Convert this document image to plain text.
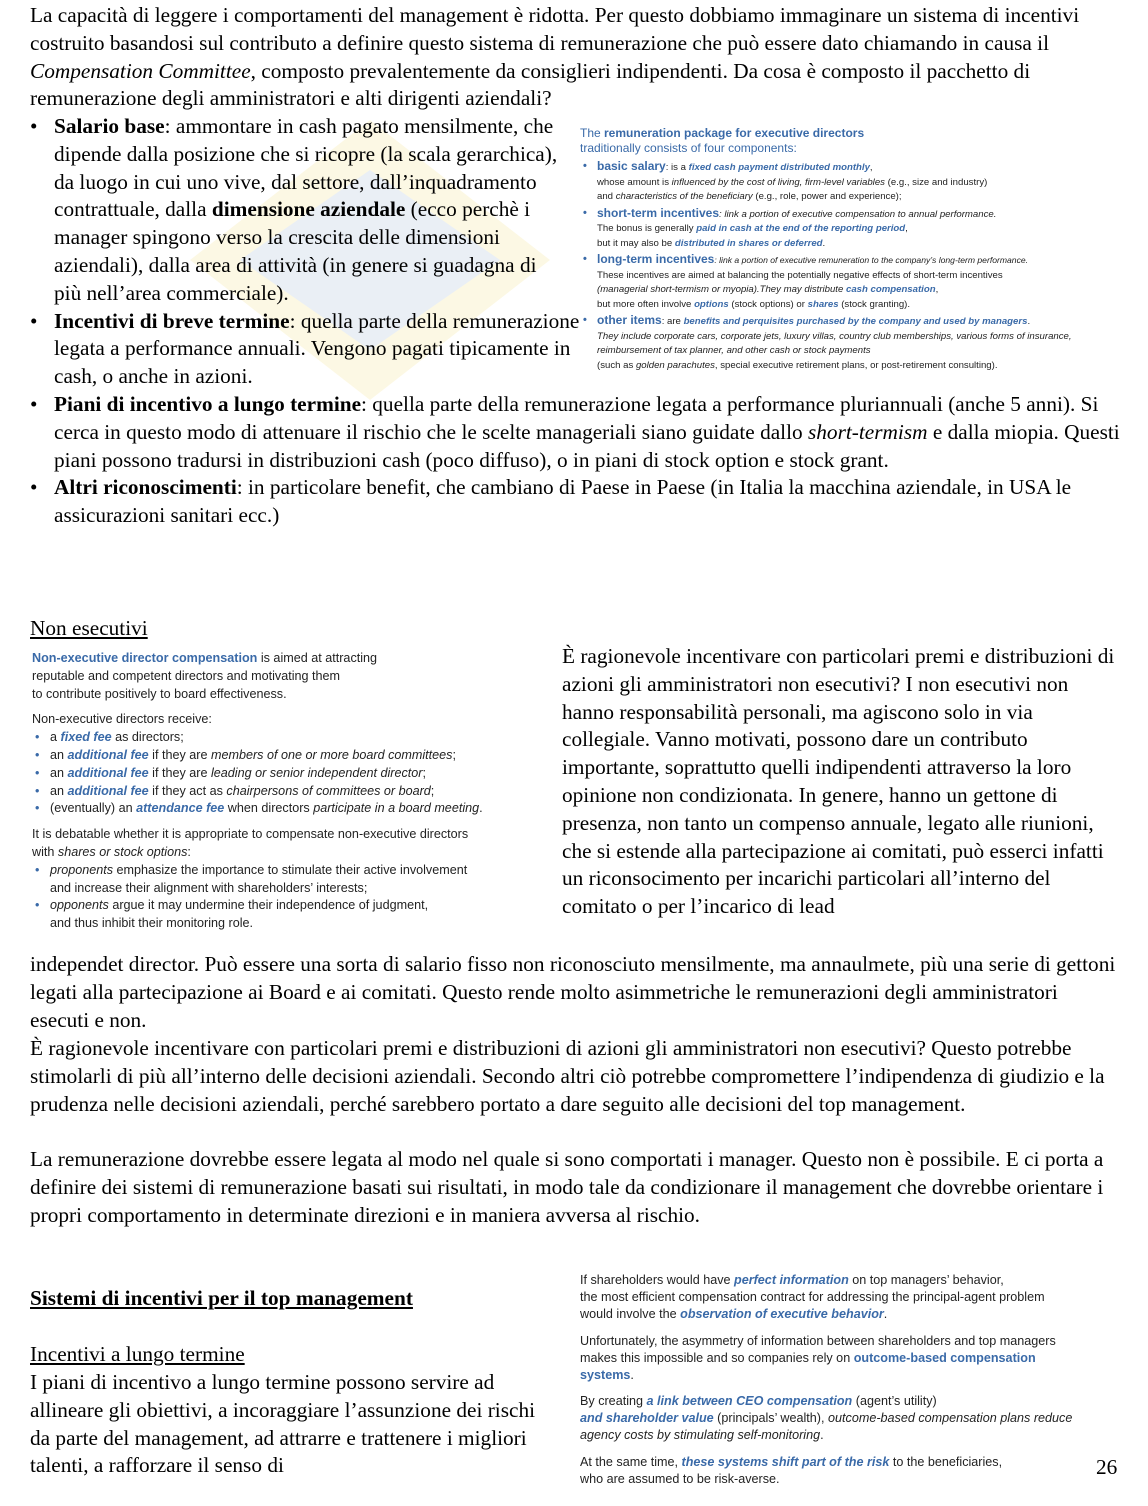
La capacità di leggere i comportamenti del management è ridotta. Per questo dobbiamo immaginare un sistema di incentivi costruito basandosi sul contributo a definire questo sistema di remunerazione che può essere dato chiamando in causa il Compensation Committee, composto prevalentemente da consiglieri indipendenti. Da cosa è composto il pacchetto di remunerazione degli amministratori e alti dirigenti aziendali?

• Salario base: ammontare in cash pagato mensilmente, che dipende dalla posizione che si ricopre (la scala gerarchica), da luogo in cui uno vive, dal settore, dall’inquadramento contrattuale, dalla dimensione aziendale (ecco perchè i manager spingono verso la crescita delle dimensioni aziendali), dalla area di attività (in genere si guadagna di più nell’area commerciale).
• Incentivi di breve termine: quella parte della remunerazione legata a performance annuali. Vengono pagati tipicamente in cash, o anche in azioni.
• Piani di incentivo a lungo termine: quella parte della remunerazione legata a performance pluriannuali (anche 5 anni). Si cerca in questo modo di attenuare il rischio che le scelte manageriali siano guidate dallo short-termism e dalla miopia. Questi piani possono tradursi in distribuzioni cash (poco diffuso), o in piani di stock option e stock grant.
• Altri riconoscimenti: in particolare benefit, che cambiano di Paese in Paese (in Italia la macchina aziendale, in USA le assicurazioni sanitari ecc.)
The remuneration package for executive directors
traditionally consists of four components:
• basic salary: is a fixed cash payment distributed monthly,
whose amount is influenced by the cost of living, firm-level variables (e.g., size and industry)
and characteristics of the beneficiary (e.g., role, power and experience);
• short-term incentives: link a portion of executive compensation to annual performance.
The bonus is generally paid in cash at the end of the reporting period,
but it may also be distributed in shares or deferred.
• long-term incentives: link a portion of executive remuneration to the company’s long-term performance.
These incentives are aimed at balancing the potentially negative effects of short-term incentives
(managerial short-termism or myopia).They may distribute cash compensation,
but more often involve options (stock options) or shares (stock granting).
• other items: are benefits and perquisites purchased by the company and used by managers.
They include corporate cars, corporate jets, luxury villas, country club memberships, various forms of insurance,
reimbursement of tax planner, and other cash or stock payments
(such as golden parachutes, special executive retirement plans, or post-retirement consulting).
Non esecutivi
Non-executive director compensation is aimed at attracting
reputable and competent directors and motivating them
to contribute positively to board effectiveness.
Non-executive directors receive:
• a fixed fee as directors;
• an additional fee if they are members of one or more board committees;
• an additional fee if they are leading or senior independent director;
• an additional fee if they act as chairpersons of committees or board;
• (eventually) an attendance fee when directors participate in a board meeting.
It is debatable whether it is appropriate to compensate non-executive directors
with shares or stock options:
• proponents emphasize the importance to stimulate their active involvement
and increase their alignment with shareholders’ interests;
• opponents argue it may undermine their independence of judgment,
and thus inhibit their monitoring role.

È ragionevole incentivare con particolari premi e distribuzioni di azioni gli amministratori non esecutivi? I non esecutivi non hanno responsabilità personali, ma agiscono solo in via collegiale. Vanno motivati, possono dare un contributo importante, soprattutto quelli indipendenti attraverso la loro opinione non condizionata. In genere, hanno un gettone di presenza, non tanto un compenso annuale, legato alle riunioni, che si estende alla partecipazione ai comitati, può esserci infatti un riconsocimento per incarichi particolari all’interno del comitato o per l’incarico di lead

independet director. Può essere una sorta di salario fisso non riconosciuto mensilmente, ma annaulmete, più una serie di gettoni legati alla partecipazione ai Board e ai comitati. Questo rende molto asimmetriche le remunerazioni degli amministratori esecuti e non.

È ragionevole incentivare con particolari premi e distribuzioni di azioni gli amministratori non esecutivi? Questo potrebbe stimolarli di più all’interno delle decisioni aziendali. Secondo altri ciò potrebbe compromettere l’indipendenza di giudizio e la prudenza nelle decisioni aziendali, perché sarebbero portato a dare seguito alle decisioni del top management.

La remunerazione dovrebbe essere legata al modo nel quale si sono comportati i manager. Questo non è possibile. E ci porta a definire dei sistemi di remunerazione basati sui risultati, in modo tale da condizionare il management che dovrebbe orientare i propri comportamento in determinate direzioni e in maniera avversa al rischio.

Sistemi di incentivi per il top management
Incentivi a lungo termine

I piani di incentivo a lungo termine possono servire ad allineare gli obiettivi, a incoraggiare l’assunzione dei rischi da parte del management, ad attrarre e trattenere i migliori talenti, a rafforzare il senso di

If shareholders would have perfect information on top managers’ behavior,
the most efficient compensation contract for addressing the principal-agent problem
would involve the observation of executive behavior.

Unfortunately, the asymmetry of information between shareholders and top managers
makes this impossible and so companies rely on outcome-based compensation systems.

By creating a link between CEO compensation (agent’s utility)
and shareholder value (principals’ wealth), outcome-based compensation plans reduce agency costs by stimulating self-monitoring.

At the same time, these systems shift part of the risk to the beneficiaries,
who are assumed to be risk-averse.

26
